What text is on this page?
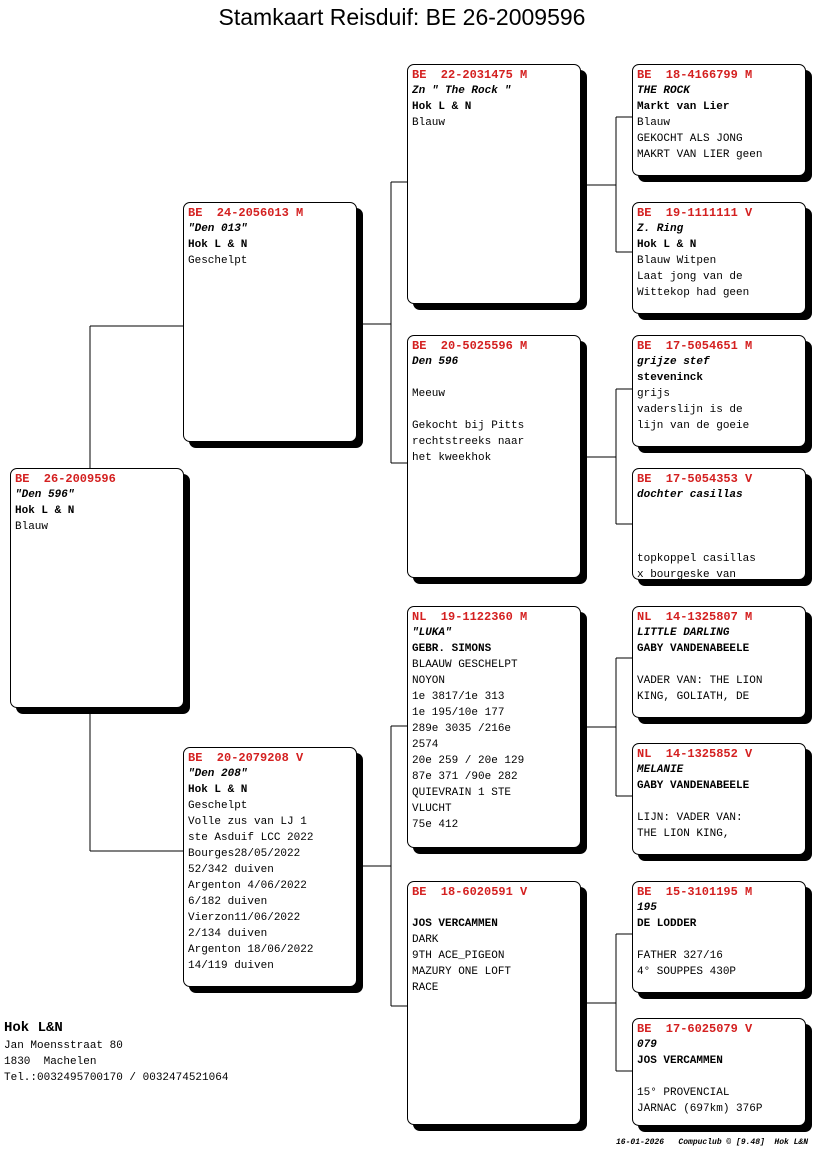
Stamkaart Reisduif: BE 26-2009596
BE  26-2009596
"Den 596"
Hok L & N
Blauw
BE  24-2056013 M
"Den 013"
Hok L & N
Geschelpt
BE  20-2079208 V
"Den 208"
Hok L & N
Geschelpt
Volle zus van LJ 1
ste Asduif LCC 2022
Bourges28/05/2022
52/342 duiven
Argenton 4/06/2022
6/182 duiven
Vierzon11/06/2022
2/134 duiven
Argenton 18/06/2022
14/119 duiven
BE  22-2031475 M
Zn " The Rock "
Hok L & N
Blauw
BE  20-5025596 M
Den 596
Meeuw
Gekocht bij Pitts
rechtstreeks naar
het kweekhok
NL  19-1122360 M
"LUKA"
GEBR. SIMONS
BLAAUW GESCHELPT
NOYON
1e 3817/1e 313
1e 195/10e 177
289e 3035 /216e
2574
20e 259 / 20e 129
87e 371 /90e 282
QUIEVRAIN 1 STE
VLUCHT
75e 412
BE  18-6020591 V
JOS VERCAMMEN
DARK
9TH ACE_PIGEON
MAZURY ONE LOFT
RACE
BE  18-4166799 M
THE ROCK
Markt van Lier
Blauw
GEKOCHT ALS JONG
MAKRT VAN LIER geen
BE  19-1111111 V
Z. Ring
Hok L & N
Blauw Witpen
Laat jong van de
Wittekop had geen
BE  17-5054651 M
grijze stef
steveninck
grijs
vaderslijn is de
lijn van de goeie
BE  17-5054353 V
dochter casillas
topkoppel casillas
x bourgeske van
NL  14-1325807 M
LITTLE DARLING
GABY VANDENABEELE
VADER VAN: THE LION
KING, GOLIATH, DE
NL  14-1325852 V
MELANIE
GABY VANDENABEELE
LIJN: VADER VAN:
THE LION KING,
BE  15-3101195 M
195
DE LODDER
FATHER 327/16
4° SOUPPES 430P
BE  17-6025079 V
079
JOS VERCAMMEN
15° PROVENCIAL
JARNAC (697km) 376P
Hok L&N
Jan Moensstraat 80
1830  Machelen
Tel.:0032495700170 / 0032474521064
16-01-2026   Compuclub © [9.48]  Hok L&N
